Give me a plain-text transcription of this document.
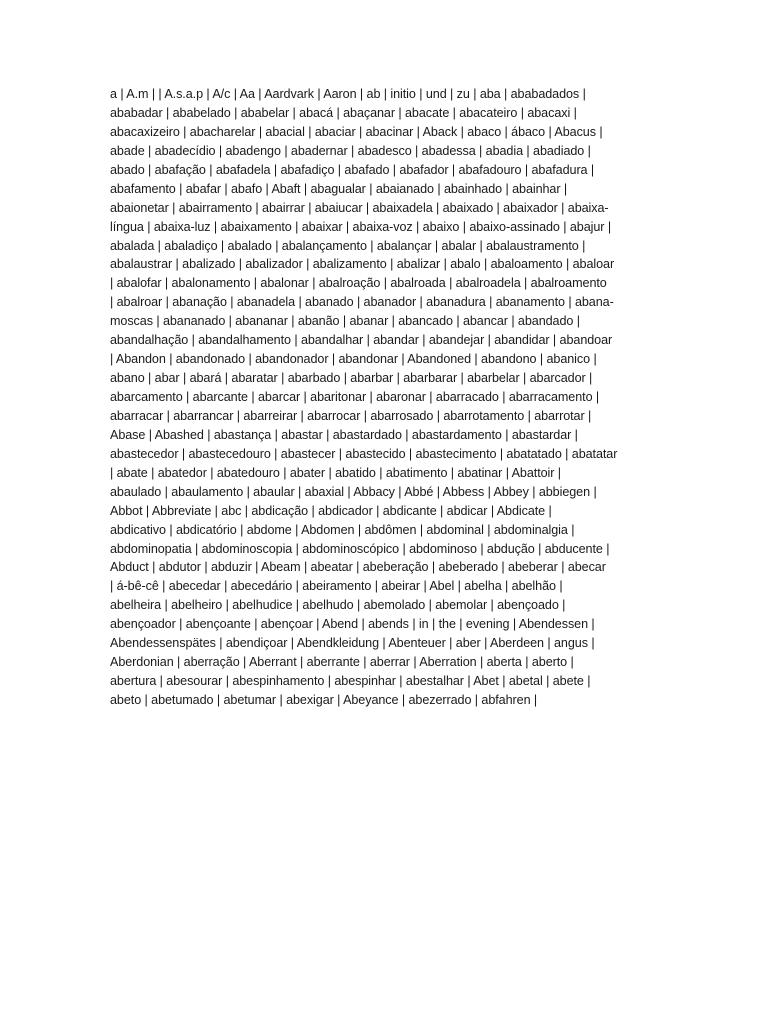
a | A.m | | A.s.a.p | A/c | Aa | Aardvark | Aaron | ab | initio | und | zu | aba | ababadados |
ababadar | ababelado | ababelar | abacá | abaçanar | abacate | abacateiro | abacaxi |
abacaxizeiro | abacharelar | abacial | abaciar | abacinar | Aback | abaco | ábaco | Abacus |
abade | abadecídio | abadengo | abadernar | abadesco | abadessa | abadia | abadiado |
abado | abafação | abafadela | abafadiço | abafado | abafador | abafadouro | abafadura |
abafamento | abafar | abafo | Abaft | abagualar | abaianado | abainhado | abainhar |
abaionetar | abairramento | abairrar | abaiucar | abaixadela | abaixado | abaixador | abaixa-
língua | abaixa-luz | abaixamento | abaixar | abaixa-voz | abaixo | abaixo-assinado | abajur |
abalada | abaladiço | abalado | abalançamento | abalançar | abalar | abalaustramento |
abalaustrar | abalizado | abalizador | abalizamento | abalizar | abalo | abaloamento | abaloar
| abalofar | abalonamento | abalonar | abalroação | abalroada | abalroadela | abalroamento
| abalroar | abanação | abanadela | abanado | abanador | abanadura | abanamento | abana-
moscas | abananado | abananar | abanão | abanar | abancado | abancar | abandado |
abandalhação | abandalhamento | abandalhar | abandar | abandejar | abandidar | abandoar
| Abandon | abandonado | abandonador | abandonar | Abandoned | abandono | abanico |
abano | abar | abará | abaratar | abarbado | abarbar | abarbarar | abarbelar | abarcador |
abarcamento | abarcante | abarcar | abaritonar | abaronar | abarracado | abarracamento |
abarracar | abarrancar | abarreirar | abarrocar | abarrosado | abarrotamento | abarrotar |
Abase | Abashed | abastança | abastar | abastardado | abastardamento | abastardar |
abastecedor | abastecedouro | abastecer | abastecido | abastecimento | abatatado | abatatar
| abate | abatedor | abatedouro | abater | abatido | abatimento | abatinar | Abattoir |
abaulado | abaulamento | abaular | abaxial | Abbacy | Abbé | Abbess | Abbey | abbiegen |
Abbot | Abbreviate | abc | abdicação | abdicador | abdicante | abdicar | Abdicate |
abdicativo | abdicatório | abdome | Abdomen | abdômen | abdominal | abdominalgia |
abdominopatia | abdominoscopia | abdominoscópico | abdominoso | abdução | abducente |
Abduct | abdutor | abduzir | Abeam | abeatar | abeberação | abeberado | abeberar | abecar
| á-bê-cê | abecedar | abecedário | abeiramento | abeirar | Abel | abelha | abelhão |
abelheira | abelheiro | abelhudice | abelhudo | abemolado | abemolar | abençoado |
abençoador | abençoante | abençoar | Abend | abends | in | the | evening | Abendessen |
Abendessenspätes | abendiçoar | Abendkleidung | Abenteuer | aber | Aberdeen | angus |
Aberdonian | aberração | Aberrant | aberrante | aberrar | Aberration | aberta | aberto |
abertura | abesourar | abespinhamento | abespinhar | abestalhar | Abet | abetal | abete |
abeto | abetumado | abetumar | abexigar | Abeyance | abezerrado | abfahren |
